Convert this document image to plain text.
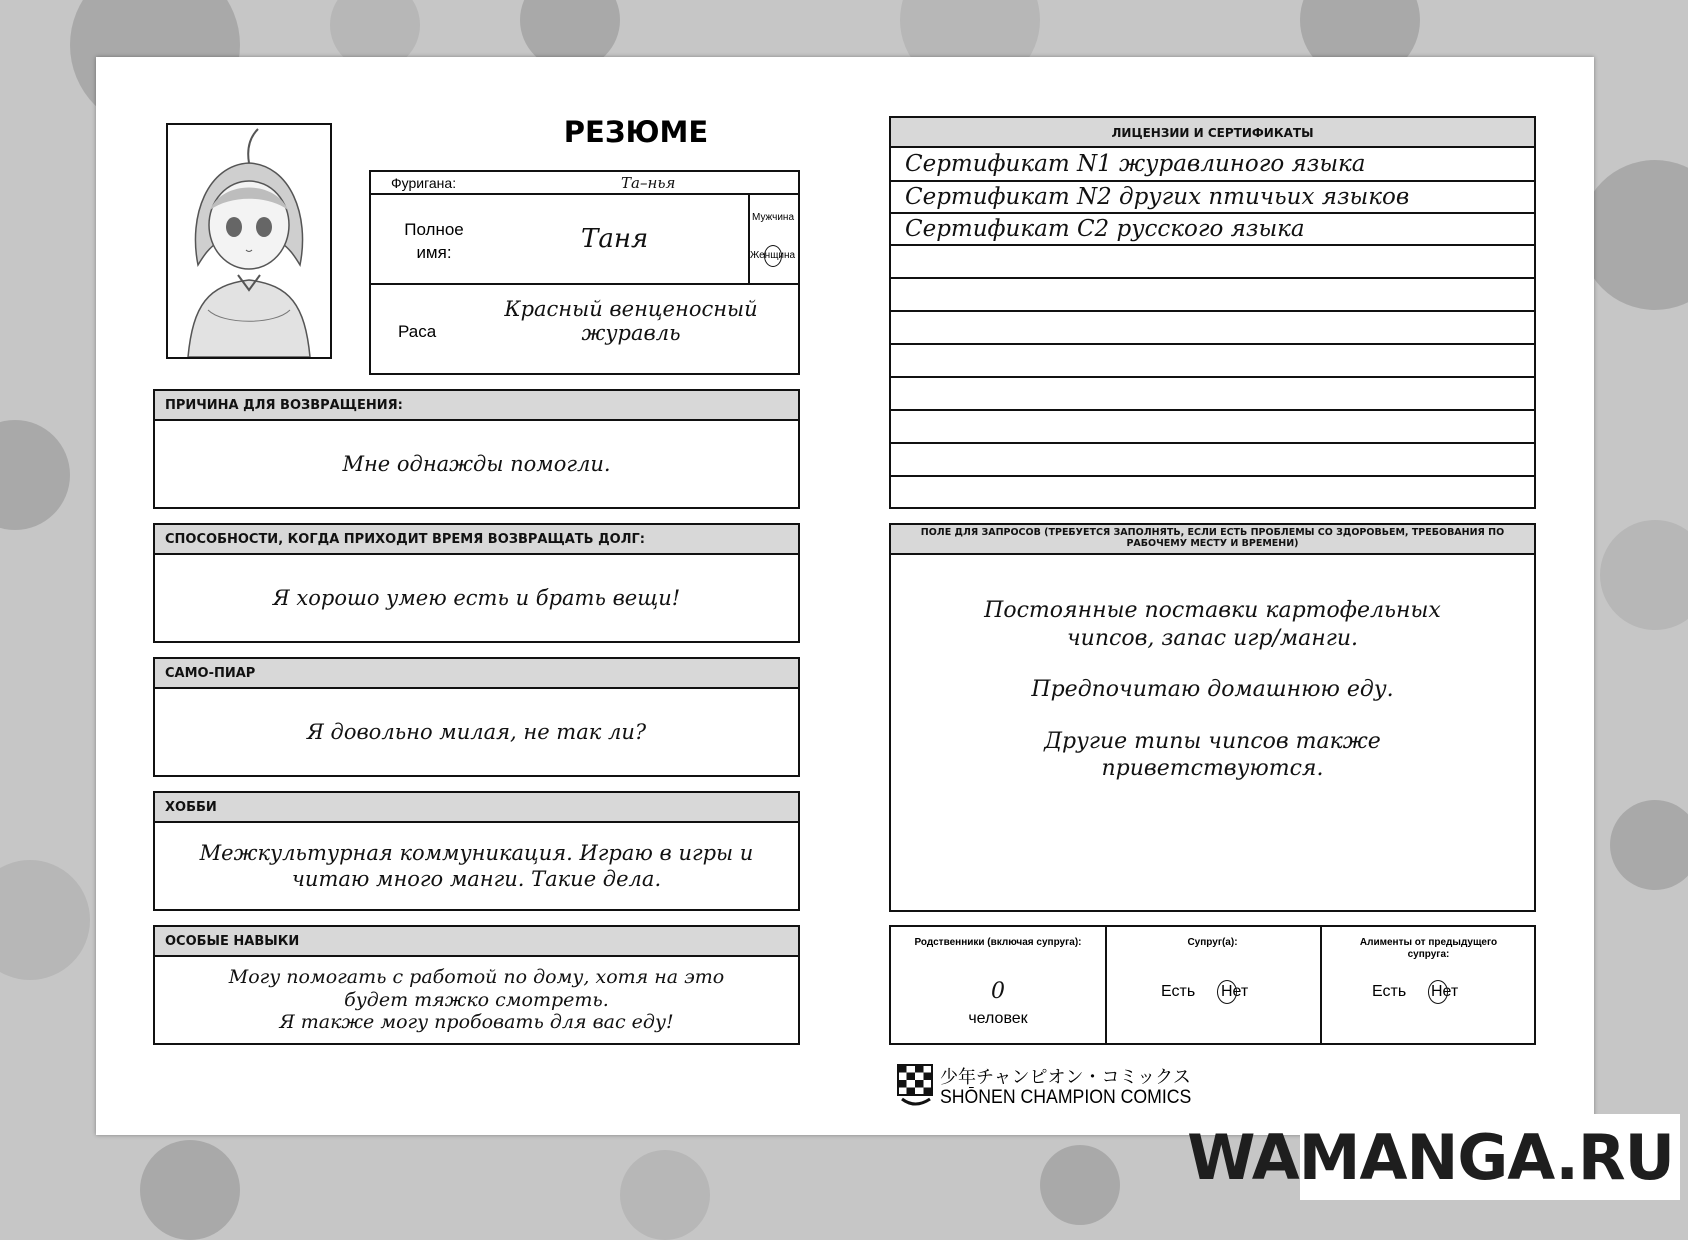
РЕЗЮМЕ
Фуригана:	Та–нья
Полное
имя:	Таня
Мужчина
Женщина
Раса
Красный венценосный
журавль
ПРИЧИНА ДЛЯ ВОЗВРАЩЕНИЯ:
Мне однажды помогли.
СПОСОБНОСТИ, КОГДА ПРИХОДИТ ВРЕМЯ ВОЗВРАЩАТЬ ДОЛГ:
Я хорошо умею есть и брать вещи!
САМО-ПИАР
Я довольно милая, не так ли?
ХОББИ
Межкультурная коммуникация. Играю в игры и
читаю много манги. Такие дела.
ОСОБЫЕ НАВЫКИ
Могу помогать с работой по дому, хотя на это
будет тяжко смотреть.
Я также могу пробовать для вас еду!
ЛИЦЕНЗИИ И СЕРТИФИКАТЫ
Сертификат N1 журавлиного языка
Сертификат N2 других птичьих языков
Сертификат С2 русского языка
ПОЛЕ ДЛЯ ЗАПРОСОВ (ТРЕБУЕТСЯ ЗАПОЛНЯТЬ, ЕСЛИ ЕСТЬ ПРОБЛЕМЫ СО ЗДОРОВЬЕМ, ТРЕБОВАНИЯ ПО РАБОЧЕМУ МЕСТУ И ВРЕМЕНИ)
Постоянные поставки картофельных
чипсов, запас игр/манги.
Предпочитаю домашнюю еду.
Другие типы чипсов также
приветствуются.
Родственники (включая супруга):
0
человек
Супруг(а):
Есть Нет
Алименты от предыдущего супруга:
Есть Нет
少年チャンピオン・コミックス
SHŌNEN CHAMPION COMICS
WAMANGA.RU
